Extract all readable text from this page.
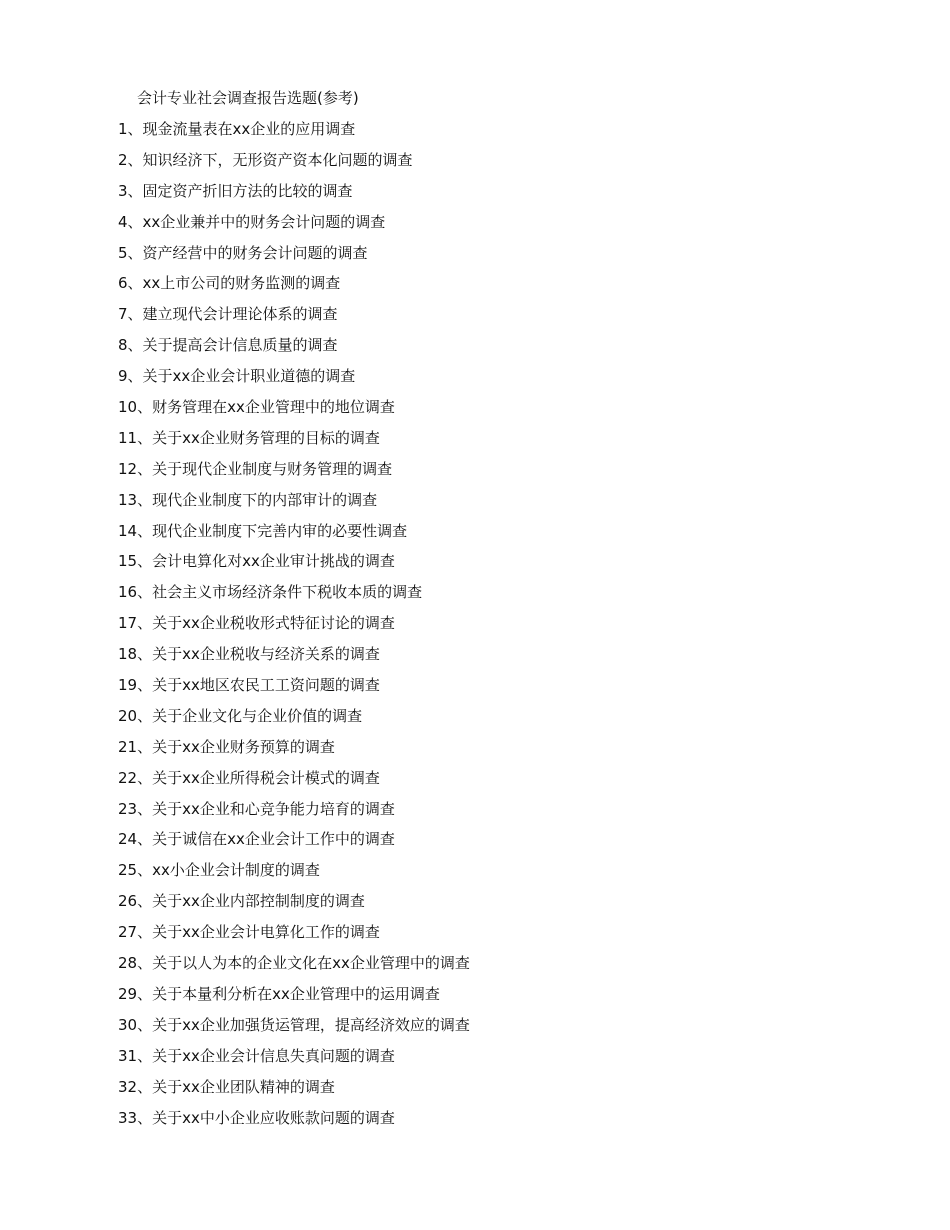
会计专业社会调查报告选题(参考)
1、现金流量表在xx企业的应用调查
2、知识经济下，无形资产资本化问题的调查
3、固定资产折旧方法的比较的调查
4、xx企业兼并中的财务会计问题的调查
5、资产经营中的财务会计问题的调查
6、xx上市公司的财务监测的调查
7、建立现代会计理论体系的调查
8、关于提高会计信息质量的调查
9、关于xx企业会计职业道德的调查
10、财务管理在xx企业管理中的地位调查
11、关于xx企业财务管理的目标的调查
12、关于现代企业制度与财务管理的调查
13、现代企业制度下的内部审计的调查
14、现代企业制度下完善内审的必要性调查
15、会计电算化对xx企业审计挑战的调查
16、社会主义市场经济条件下税收本质的调查
17、关于xx企业税收形式特征讨论的调查
18、关于xx企业税收与经济关系的调查
19、关于xx地区农民工工资问题的调查
20、关于企业文化与企业价值的调查
21、关于xx企业财务预算的调查
22、关于xx企业所得税会计模式的调查
23、关于xx企业和心竞争能力培育的调查
24、关于诚信在xx企业会计工作中的调查
25、xx小企业会计制度的调查
26、关于xx企业内部控制制度的调查
27、关于xx企业会计电算化工作的调查
28、关于以人为本的企业文化在xx企业管理中的调查
29、关于本量利分析在xx企业管理中的运用调查
30、关于xx企业加强货运管理，提高经济效应的调查
31、关于xx企业会计信息失真问题的调查
32、关于xx企业团队精神的调查
33、关于xx中小企业应收账款问题的调查
